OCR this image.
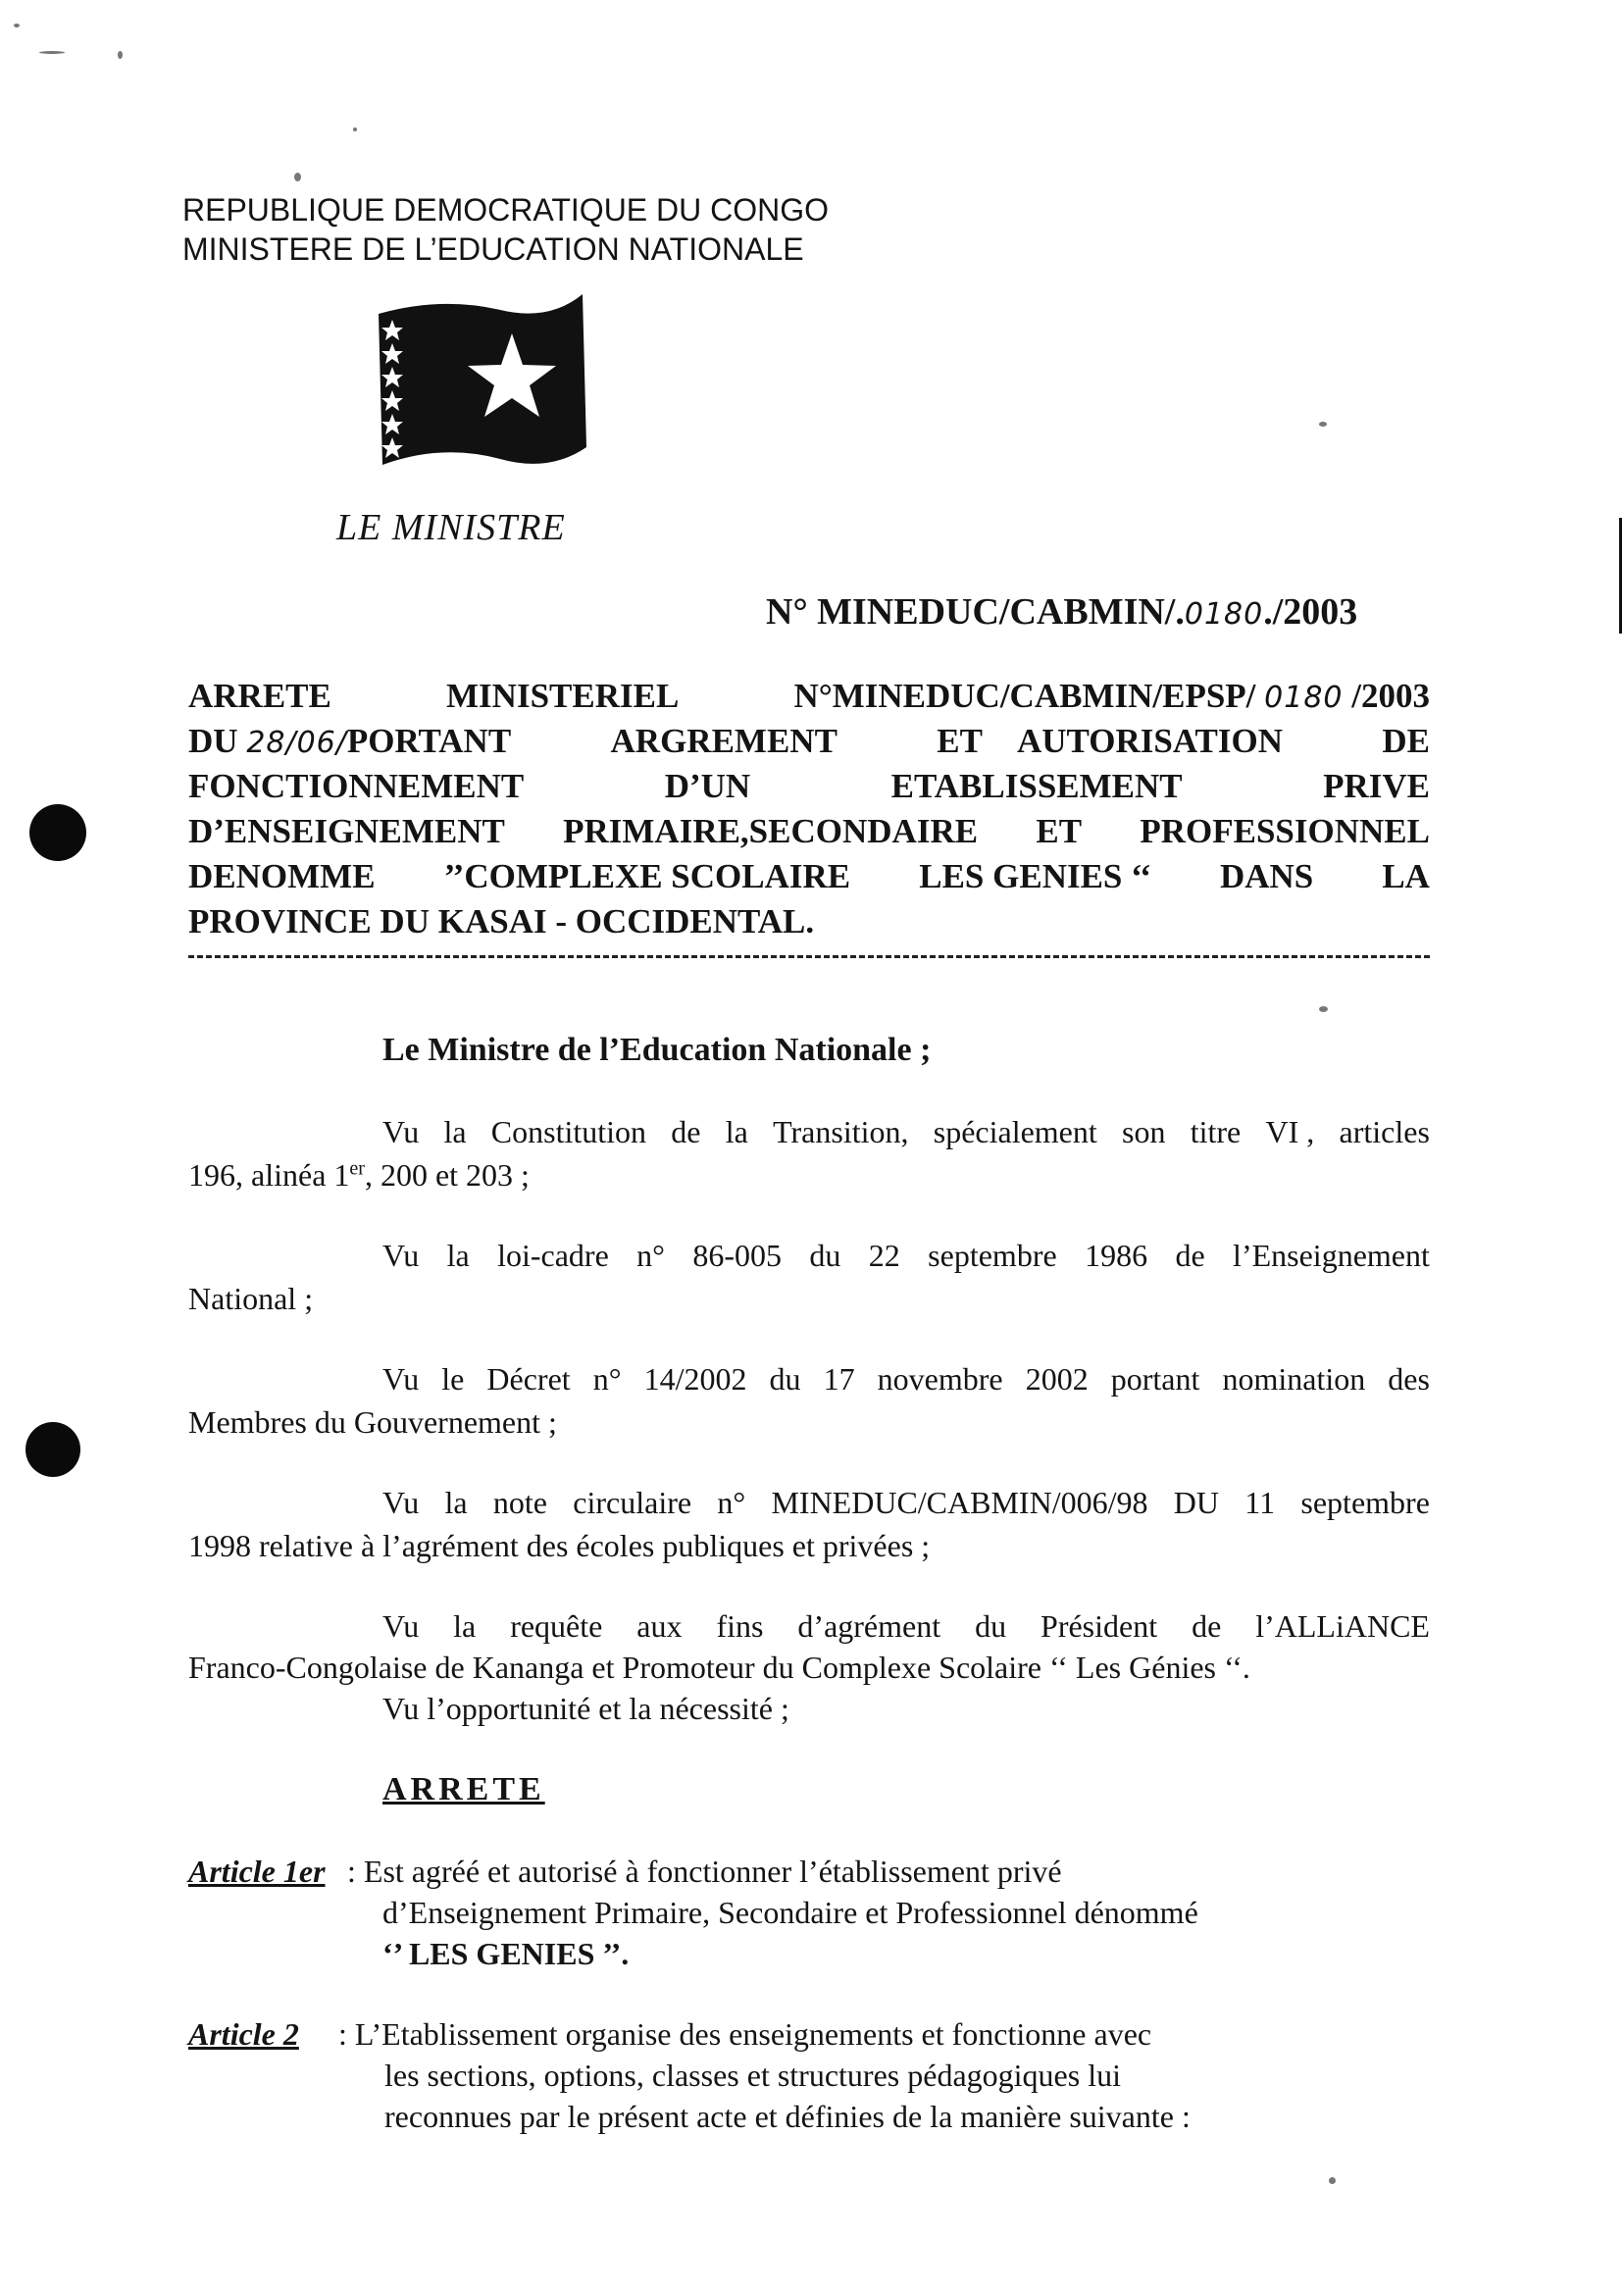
REPUBLIQUE DEMOCRATIQUE DU CONGO
MINISTERE DE L’EDUCATION NATIONALE
LE MINISTRE
N° MINEDUC/CABMIN/.0180./2003
ARRETE	MINISTERIEL	N°MINEDUC/CABMIN/EPSP/ 0180 /2003
DU 28/06/PORTANT	ARGREMENT	ET AUTORISATION	DE
FONCTIONNEMENT	D’UN	ETABLISSEMENT	PRIVE
D’ENSEIGNEMENT PRIMAIRE,SECONDAIRE ET PROFESSIONNEL
DENOMME ’’COMPLEXE SCOLAIRE LES GENIES ‘‘ DANS LA
PROVINCE DU KASAI - OCCIDENTAL.
Le Ministre de l’Education Nationale ;
Vu la Constitution de la Transition, spécialement son titre VI , articles
196, alinéa 1er, 200 et 203 ;
Vu la loi-cadre n° 86-005 du 22 septembre 1986 de l’Enseignement
National ;
Vu le Décret n° 14/2002 du 17 novembre 2002 portant nomination des
Membres du Gouvernement ;
Vu la note circulaire n° MINEDUC/CABMIN/006/98 DU 11 septembre
1998 relative à l’agrément des écoles publiques et privées ;
Vu la requête aux fins d’agrément du Président de l’ALLiANCE
Franco-Congolaise de Kananga et Promoteur du Complexe Scolaire ‘‘ Les Génies ‘‘.
Vu l’opportunité et la nécessité ;
ARRETE
Article 1er : Est agréé et autorisé à fonctionner l’établissement privé
d’Enseignement Primaire, Secondaire et Professionnel dénommé
‘’ LES GENIES ’’.
Article 2 : L’Etablissement organise des enseignements et fonctionne avec
les sections, options, classes et structures pédagogiques lui
reconnues par le présent acte et définies de la manière suivante :
